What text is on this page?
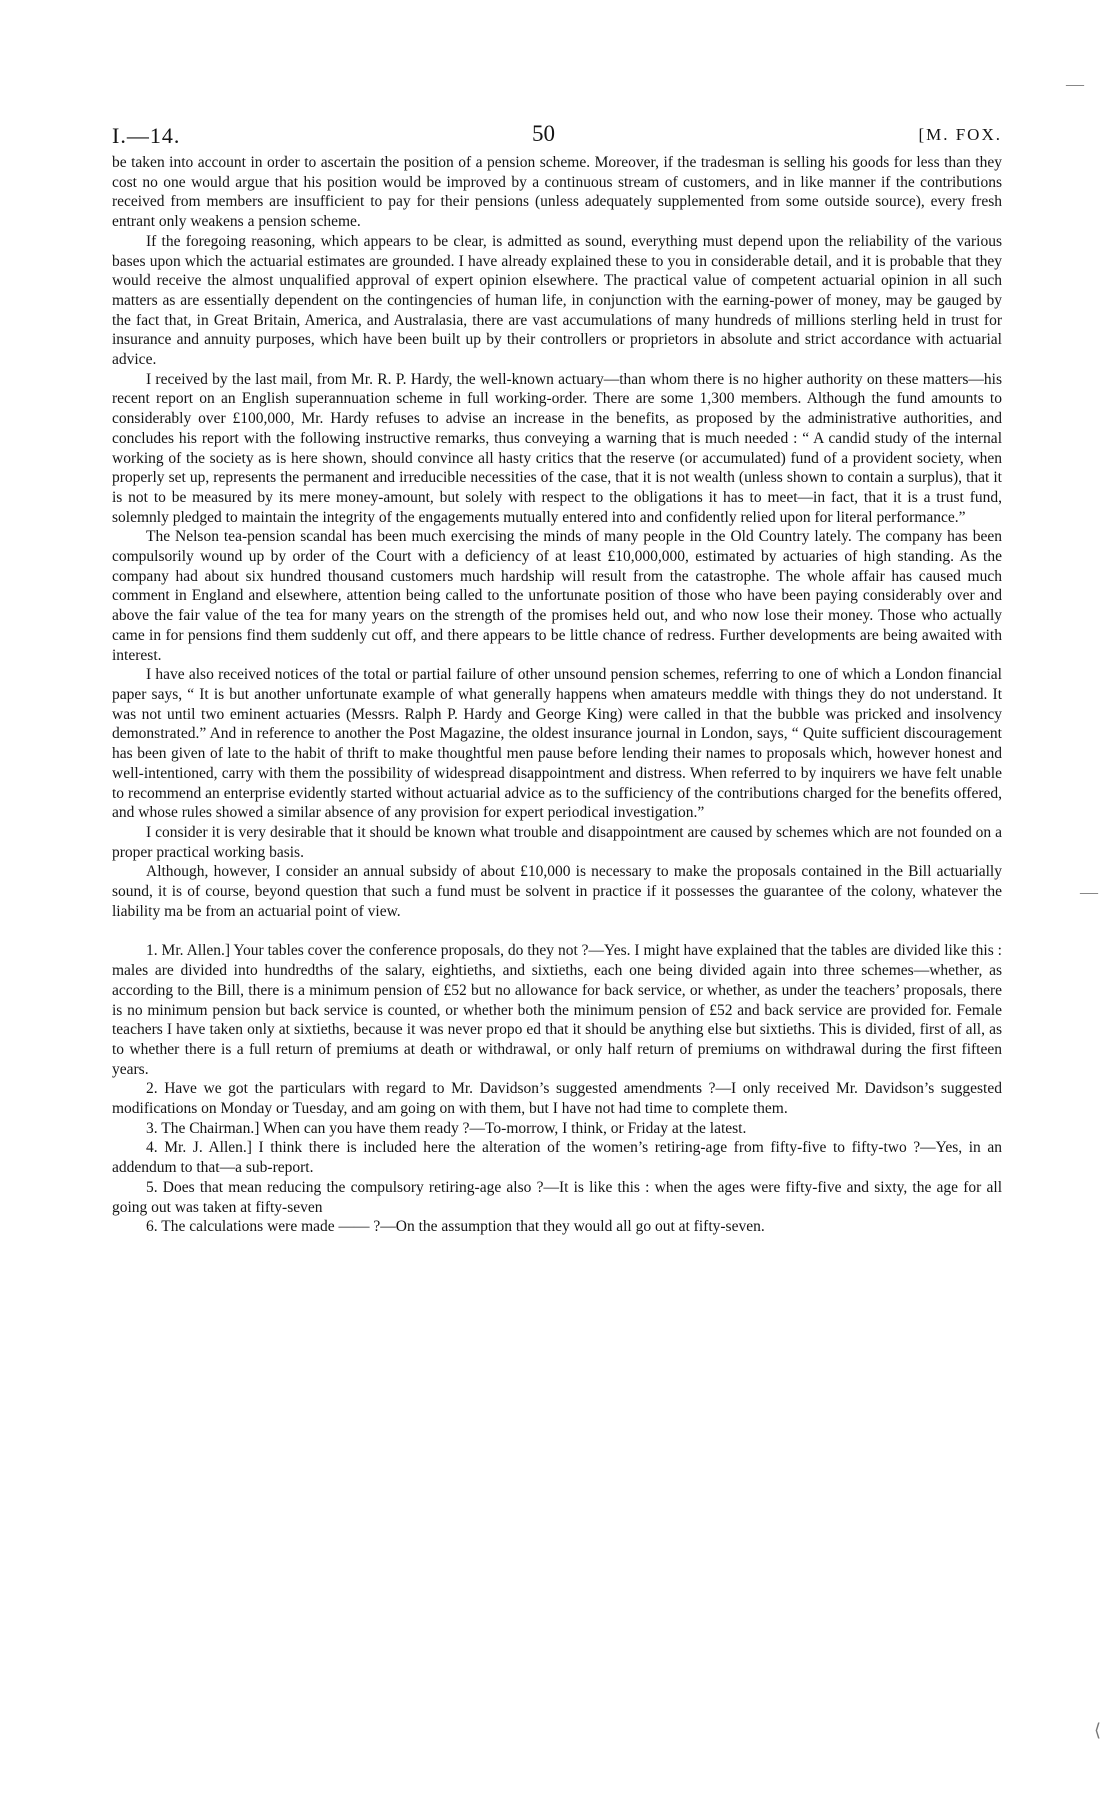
I.—14.	50	[M. FOX.

be taken into account in order to ascertain the position of a pension scheme. Moreover, if the tradesman is selling his goods for less than they cost no one would argue that his position would be improved by a continuous stream of customers, and in like manner if the contributions received from members are insufficient to pay for their pensions (unless adequately supplemented from some outside source), every fresh entrant only weakens a pension scheme.

If the foregoing reasoning, which appears to be clear, is admitted as sound, everything must depend upon the reliability of the various bases upon which the actuarial estimates are grounded. I have already explained these to you in considerable detail, and it is probable that they would receive the almost unqualified approval of expert opinion elsewhere. The practical value of competent actuarial opinion in all such matters as are essentially dependent on the contingencies of human life, in conjunction with the earning-power of money, may be gauged by the fact that, in Great Britain, America, and Australasia, there are vast accumulations of many hundreds of millions sterling held in trust for insurance and annuity purposes, which have been built up by their controllers or proprietors in absolute and strict accordance with actuarial advice.

I received by the last mail, from Mr. R. P. Hardy, the well-known actuary—than whom there is no higher authority on these matters—his recent report on an English superannuation scheme in full working-order. There are some 1,300 members. Although the fund amounts to considerably over £100,000, Mr. Hardy refuses to advise an increase in the benefits, as proposed by the administrative authorities, and concludes his report with the following instructive remarks, thus conveying a warning that is much needed : “ A candid study of the internal working of the society as is here shown, should convince all hasty critics that the reserve (or accumulated) fund of a provident society, when properly set up, represents the permanent and irreducible necessities of the case, that it is not wealth (unless shown to contain a surplus), that it is not to be measured by its mere money-amount, but solely with respect to the obligations it has to meet—in fact, that it is a trust fund, solemnly pledged to maintain the integrity of the engagements mutually entered into and confidently relied upon for literal performance.”

The Nelson tea-pension scandal has been much exercising the minds of many people in the Old Country lately. The company has been compulsorily wound up by order of the Court with a deficiency of at least £10,000,000, estimated by actuaries of high standing. As the company had about six hundred thousand customers much hardship will result from the catastrophe. The whole affair has caused much comment in England and elsewhere, attention being called to the unfortunate position of those who have been paying considerably over and above the fair value of the tea for many years on the strength of the promises held out, and who now lose their money. Those who actually came in for pensions find them suddenly cut off, and there appears to be little chance of redress. Further developments are being awaited with interest.

I have also received notices of the total or partial failure of other unsound pension schemes, referring to one of which a London financial paper says, “ It is but another unfortunate example of what generally happens when amateurs meddle with things they do not understand. It was not until two eminent actuaries (Messrs. Ralph P. Hardy and George King) were called in that the bubble was pricked and insolvency demonstrated.” And in reference to another the Post Magazine, the oldest insurance journal in London, says, “ Quite sufficient discouragement has been given of late to the habit of thrift to make thoughtful men pause before lending their names to proposals which, however honest and well-intentioned, carry with them the possibility of widespread disappointment and distress. When referred to by inquirers we have felt unable to recommend an enterprise evidently started without actuarial advice as to the sufficiency of the contributions charged for the benefits offered, and whose rules showed a similar absence of any provision for expert periodical investigation.”

I consider it is very desirable that it should be known what trouble and disappointment are caused by schemes which are not founded on a proper practical working basis.

Although, however, I consider an annual subsidy of about £10,000 is necessary to make the proposals contained in the Bill actuarially sound, it is of course, beyond question that such a fund must be solvent in practice if it possesses the guarantee of the colony, whatever the liability ma be from an actuarial point of view.

1. Mr. Allen.] Your tables cover the conference proposals, do they not ?—Yes. I might have explained that the tables are divided like this : males are divided into hundredths of the salary, eightieths, and sixtieths, each one being divided again into three schemes—whether, as according to the Bill, there is a minimum pension of £52 but no allowance for back service, or whether, as under the teachers’ proposals, there is no minimum pension but back service is counted, or whether both the minimum pension of £52 and back service are provided for. Female teachers I have taken only at sixtieths, because it was never propo ed that it should be anything else but sixtieths. This is divided, first of all, as to whether there is a full return of premiums at death or withdrawal, or only half return of premiums on withdrawal during the first fifteen years.

2. Have we got the particulars with regard to Mr. Davidson’s suggested amendments ?—I only received Mr. Davidson’s suggested modifications on Monday or Tuesday, and am going on with them, but I have not had time to complete them.

3. The Chairman.] When can you have them ready ?—To-morrow, I think, or Friday at the latest.

4. Mr. J. Allen.] I think there is included here the alteration of the women’s retiring-age from fifty-five to fifty-two ?—Yes, in an addendum to that—a sub-report.

5. Does that mean reducing the compulsory retiring-age also ?—It is like this : when the ages were fifty-five and sixty, the age for all going out was taken at fifty-seven

6. The calculations were made —— ?—On the assumption that they would all go out at fifty-seven.

—
—
⟨
